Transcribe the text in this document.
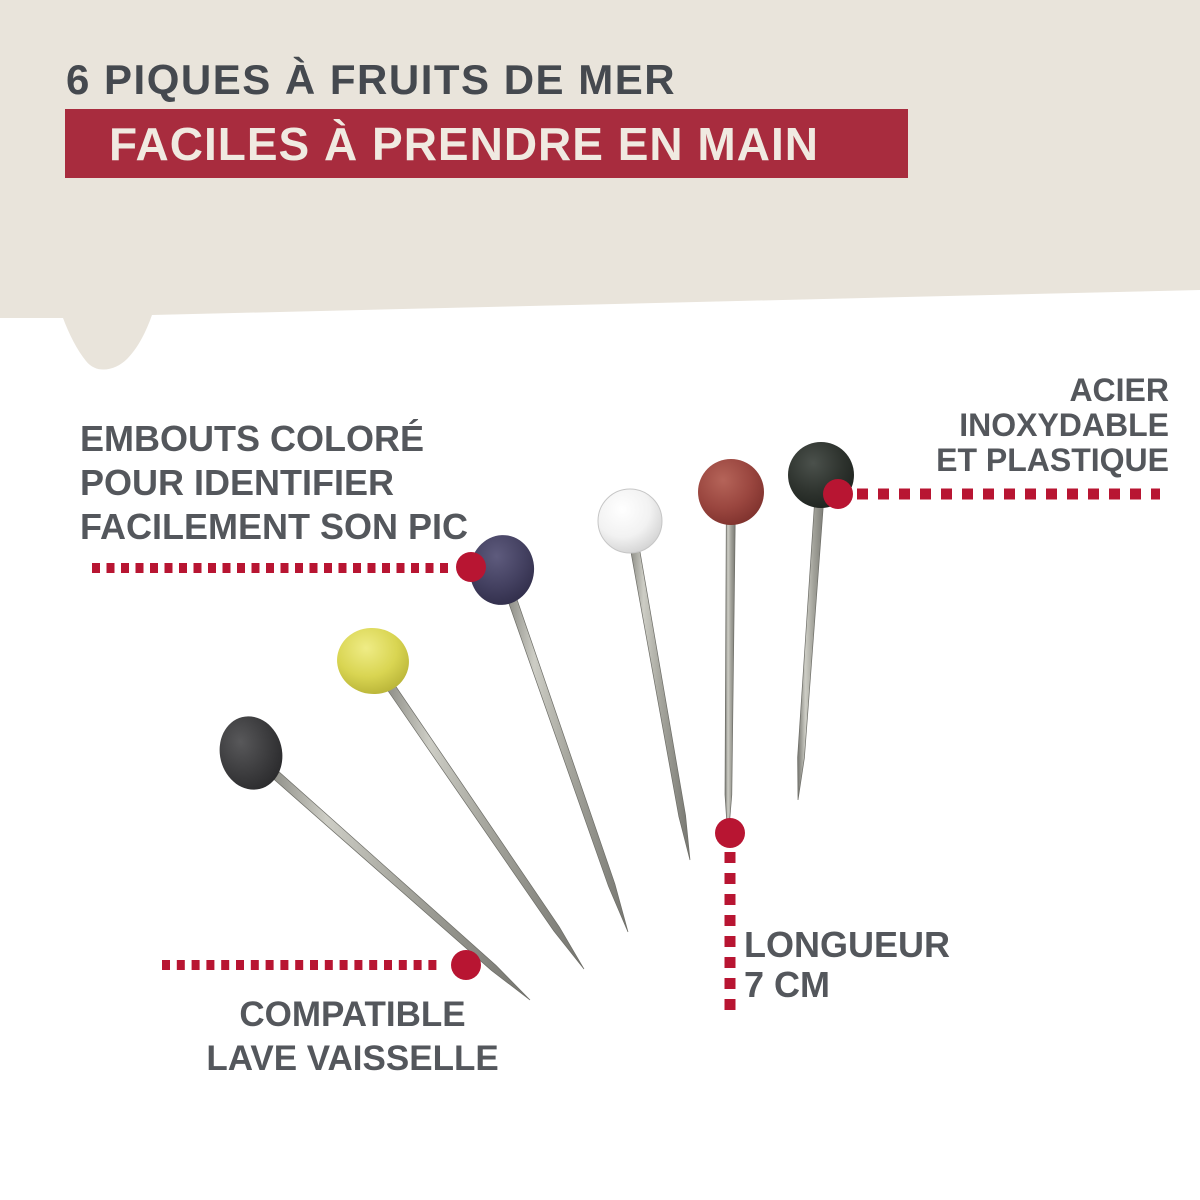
6 PIQUES À FRUITS DE MER
FACILES À PRENDRE EN MAIN
EMBOUTS COLORÉ
POUR IDENTIFIER
FACILEMENT SON PIC
ACIER
INOXYDABLE
ET PLASTIQUE
LONGUEUR
7 CM
COMPATIBLE
LAVE VAISSELLE
